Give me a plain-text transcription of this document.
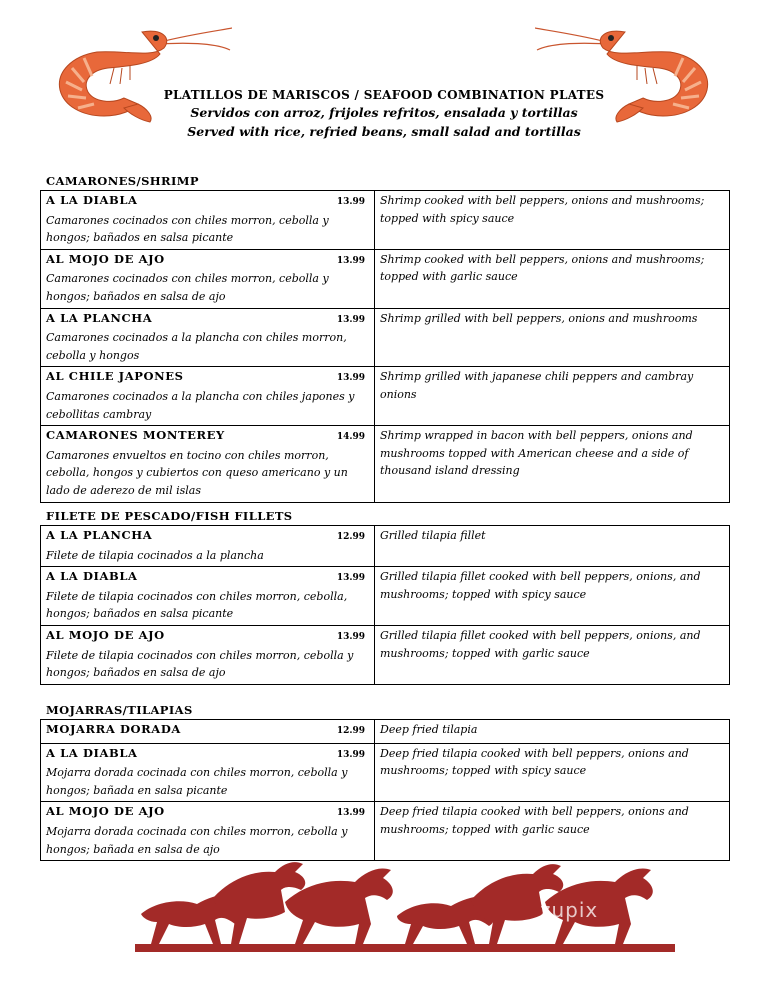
PLATILLOS DE MARISCOS / SEAFOOD COMBINATION PLATES
Servidos con arroz, frijoles refritos, ensalada y tortillas
Served with rice, refried beans, small salad and tortillas
CAMARONES/SHRIMP
A LA DIABLA 13.99
Camarones cocinados con chiles morron, cebolla y hongos; bañados en salsa picante	Shrimp cooked with bell peppers, onions and mushrooms; topped with spicy sauce

AL MOJO DE AJO 13.99
Camarones cocinados con chiles morron, cebolla y hongos; bañados en salsa de ajo	Shrimp cooked with bell peppers, onions and mushrooms; topped with garlic sauce

A LA PLANCHA 13.99
Camarones cocinados a la plancha con chiles morron, cebolla y hongos	Shrimp grilled with bell peppers, onions and mushrooms

AL CHILE JAPONES 13.99
Camarones cocinados a la plancha con chiles japones y cebollitas cambray	Shrimp grilled with japanese chili peppers and cambray onions

CAMARONES MONTEREY 14.99
Camarones envueltos en tocino con chiles morron, cebolla, hongos y cubiertos con queso americano y un lado de aderezo de mil islas	Shrimp wrapped in bacon with bell peppers, onions and mushrooms topped with American cheese and a side of thousand island dressing
FILETE DE PESCADO/FISH FILLETS
A LA PLANCHA 12.99
Filete de tilapia cocinados a la plancha	Grilled tilapia fillet

A LA DIABLA 13.99
Filete de tilapia cocinados con chiles morron, cebolla, hongos; bañados en salsa picante	Grilled tilapia fillet cooked with bell peppers, onions, and mushrooms; topped with spicy sauce

AL MOJO DE AJO 13.99
Filete de tilapia cocinados con chiles morron, cebolla y hongos; bañados en salsa de ajo	Grilled tilapia fillet cooked with bell peppers, onions, and mushrooms; topped with garlic sauce
MOJARRAS/TILAPIAS
MOJARRA DORADA 12.99	Deep fried tilapia

A LA DIABLA 13.99
Mojarra dorada cocinada con chiles morron, cebolla y hongos; bañada en salsa picante	Deep fried tilapia cooked with bell peppers, onions and mushrooms; topped with spicy sauce

AL MOJO DE AJO 13.99
Mojarra dorada cocinada con chiles morron, cebolla y hongos; bañada en salsa de ajo	Deep fried tilapia cooked with bell peppers, onions and mushrooms; topped with garlic sauce
zupix
